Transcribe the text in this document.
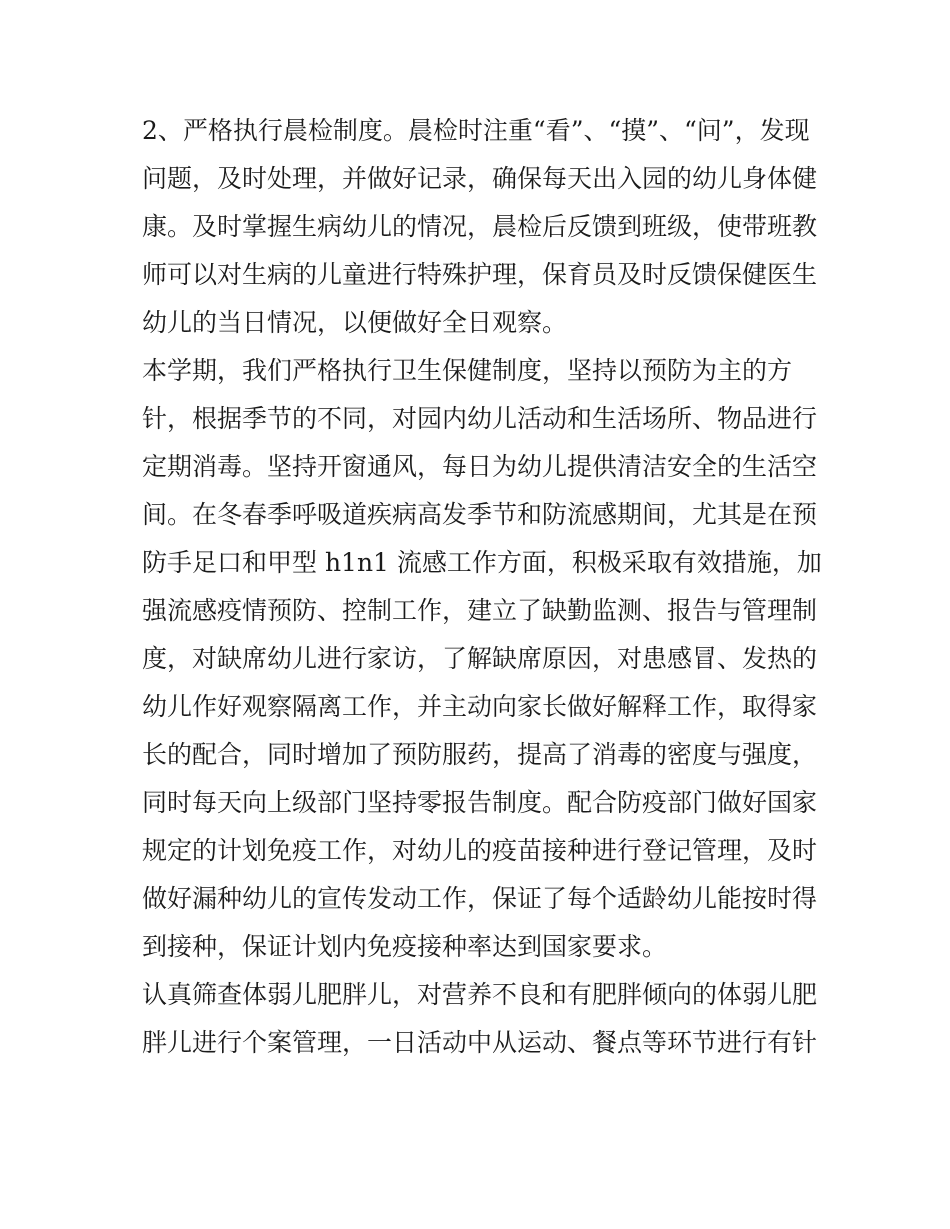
2、严格执行晨检制度。晨检时注重“看”、“摸”、“问”，发现
问题，及时处理，并做好记录，确保每天出入园的幼儿身体健
康。及时掌握生病幼儿的情况，晨检后反馈到班级，使带班教
师可以对生病的儿童进行特殊护理，保育员及时反馈保健医生
幼儿的当日情况，以便做好全日观察。

本学期，我们严格执行卫生保健制度，坚持以预防为主的方
针，根据季节的不同，对园内幼儿活动和生活场所、物品进行
定期消毒。坚持开窗通风，每日为幼儿提供清洁安全的生活空
间。在冬春季呼吸道疾病高发季节和防流感期间，尤其是在预
防手足口和甲型 h1n1 流感工作方面，积极采取有效措施，加
强流感疫情预防、控制工作，建立了缺勤监测、报告与管理制
度，对缺席幼儿进行家访，了解缺席原因，对患感冒、发热的
幼儿作好观察隔离工作，并主动向家长做好解释工作，取得家
长的配合，同时增加了预防服药，提高了消毒的密度与强度，
同时每天向上级部门坚持零报告制度。配合防疫部门做好国家
规定的计划免疫工作，对幼儿的疫苗接种进行登记管理，及时
做好漏种幼儿的宣传发动工作，保证了每个适龄幼儿能按时得
到接种，保证计划内免疫接种率达到国家要求。

认真筛查体弱儿肥胖儿，对营养不良和有肥胖倾向的体弱儿肥
胖儿进行个案管理，一日活动中从运动、餐点等环节进行有针
